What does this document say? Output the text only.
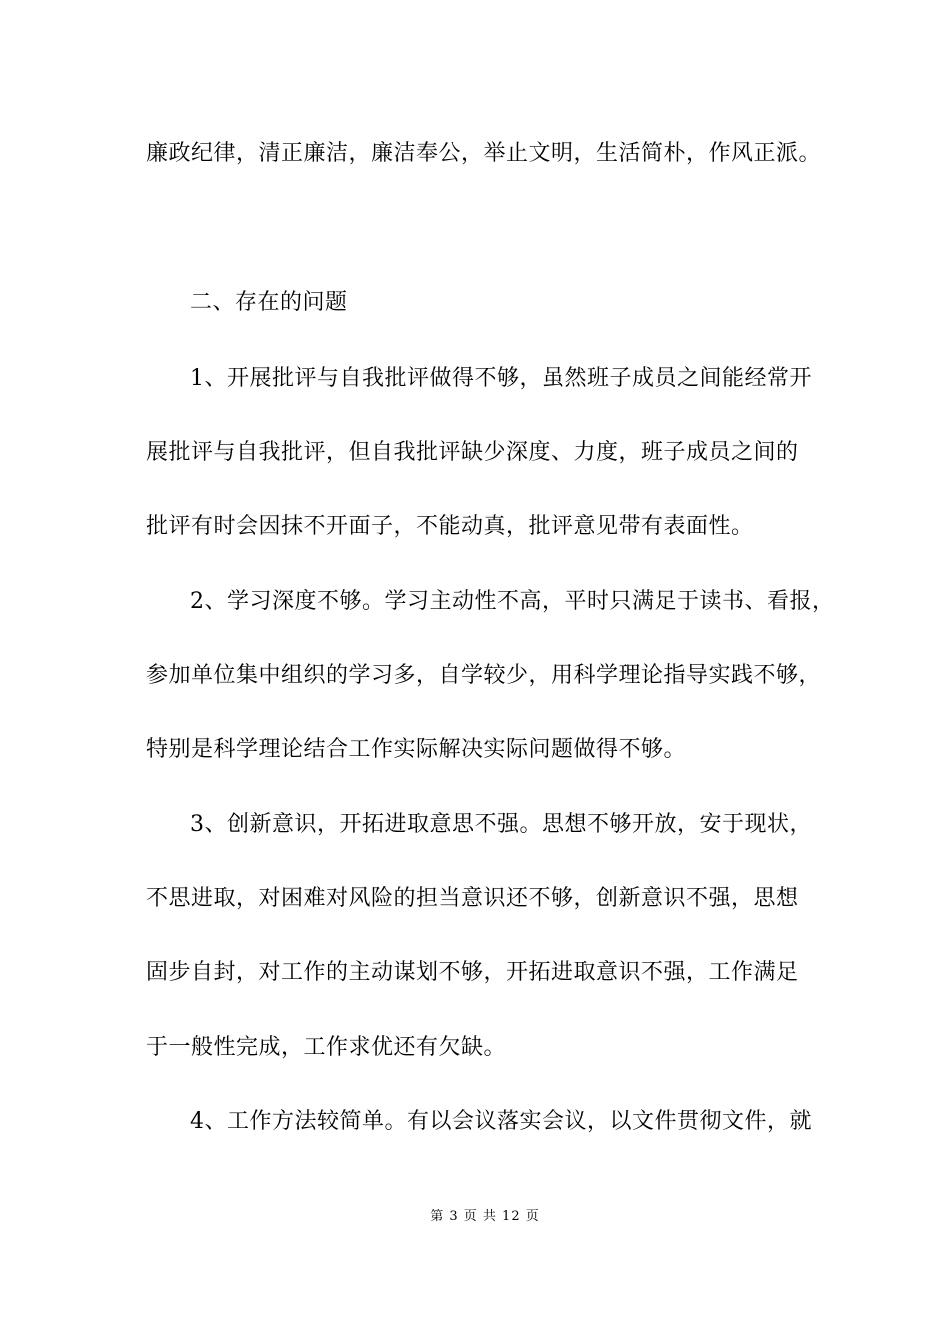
廉政纪律，清正廉洁，廉洁奉公，举止文明，生活简朴，作风正派。
二、存在的问题
1、开展批评与自我批评做得不够，虽然班子成员之间能经常开
展批评与自我批评，但自我批评缺少深度、力度，班子成员之间的
批评有时会因抹不开面子，不能动真，批评意见带有表面性。
2、学习深度不够。学习主动性不高，平时只满足于读书、看报，
参加单位集中组织的学习多，自学较少，用科学理论指导实践不够，
特别是科学理论结合工作实际解决实际问题做得不够。
3、创新意识，开拓进取意思不强。思想不够开放，安于现状，
不思进取，对困难对风险的担当意识还不够，创新意识不强，思想
固步自封，对工作的主动谋划不够，开拓进取意识不强，工作满足
于一般性完成，工作求优还有欠缺。
4、工作方法较简单。有以会议落实会议，以文件贯彻文件，就
第 3 页 共 12 页
